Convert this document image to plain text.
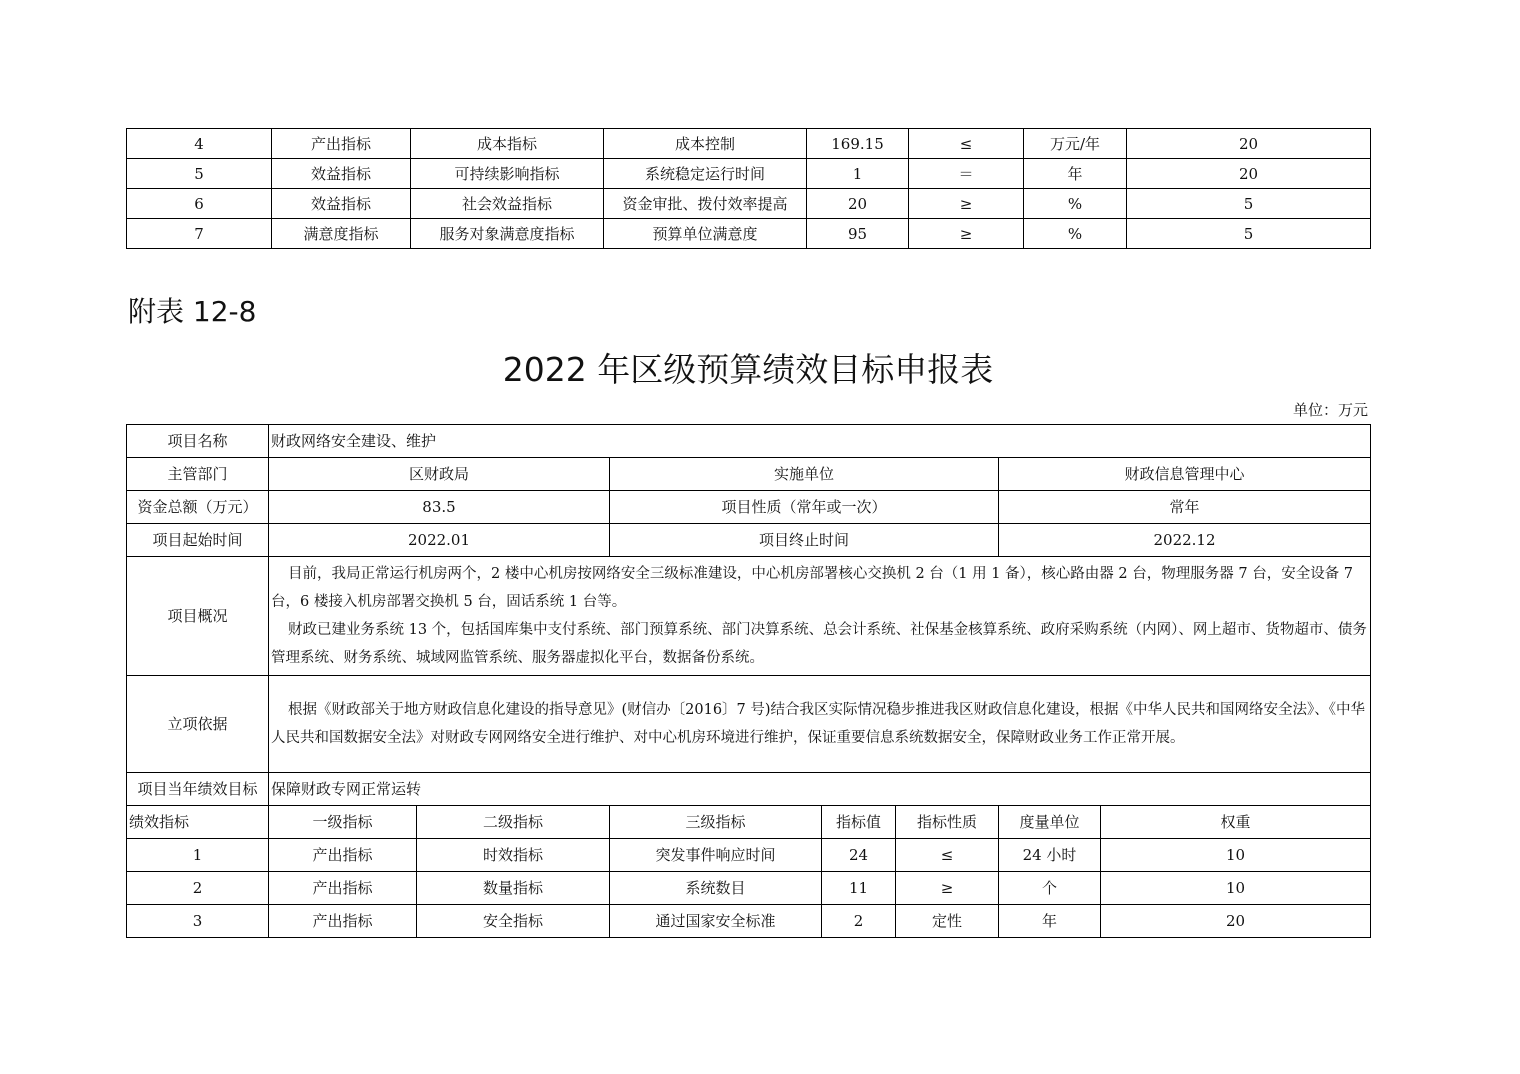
4	产出指标	成本指标	成本控制	169.15	≤	万元/年	20
5	效益指标	可持续影响指标	系统稳定运行时间	1	＝	年	20
6	效益指标	社会效益指标	资金审批、拨付效率提高	20	≥	%	5
7	满意度指标	服务对象满意度指标	预算单位满意度	95	≥	%	5
附表 12-8
2022 年区级预算绩效目标申报表
单位：万元
项目名称	财政网络安全建设、维护						
主管部门	区财政局		实施单位			财政信息管理中心	
资金总额（万元）	83.5		项目性质（常年或一次）			常年	
项目起始时间	2022.01		项目终止时间			2022.12	
项目概况	目前，我局正常运行机房两个，2 楼中心机房按网络安全三级标准建设，中心机房部署核心交换机 2 台（1 用 1 备），核心路由器 2 台，物理服务器 7 台，安全设备 7 台，6 楼接入机房部署交换机 5 台，固话系统 1 台等。

财政已建业务系统 13 个，包括国库集中支付系统、部门预算系统、部门决算系统、总会计系统、社保基金核算系统、政府采购系统（内网）、网上超市、货物超市、债务管理系统、财务系统、城域网监管系统、服务器虚拟化平台，数据备份系统。						

立项依据	根据《财政部关于地方财政信息化建设的指导意见》(财信办〔2016〕7 号)结合我区实际情况稳步推进我区财政信息化建设，根据《中华人民共和国网络安全法》、《中华人民共和国数据安全法》对财政专网网络安全进行维护、对中心机房环境进行维护，保证重要信息系统数据安全，保障财政业务工作正常开展。						

项目当年绩效目标	保障财政专网正常运转						
绩效指标	一级指标	二级指标	三级指标	指标值	指标性质	度量单位	权重
1	产出指标	时效指标	突发事件响应时间	24	≤	24 小时	10
2	产出指标	数量指标	系统数目	11	≥	个	10
3	产出指标	安全指标	通过国家安全标准	2	定性	年	20
